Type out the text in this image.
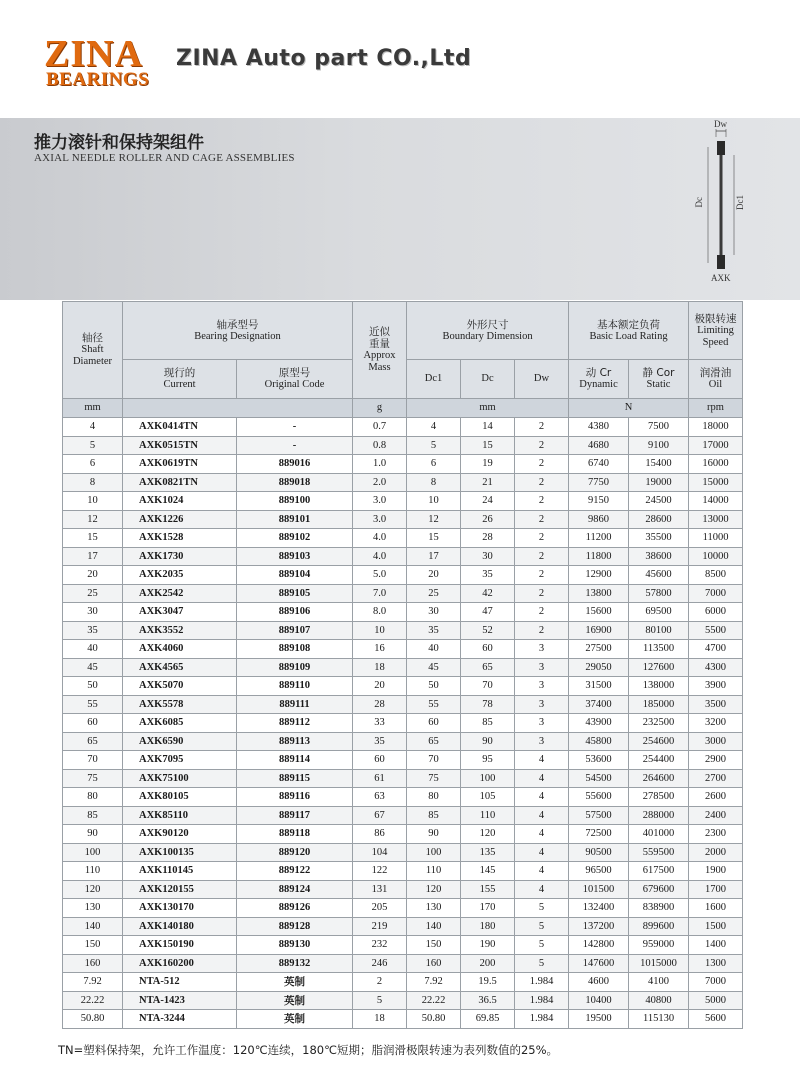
ZINA
BEARINGS
ZINA Auto part CO.,Ltd
推力滚针和保持架组件
AXIAL NEEDLE ROLLER AND CAGE ASSEMBLIES
Dw
Dc	Dc1
AXK
轴径
Shaft
Diameter	轴承型号
Bearing Designation		近似
重量
Approx
Mass	外形尺寸
Boundary Dimension			基本额定负荷
Basic Load Rating		极限转速
Limiting
Speed

	现行的
Current	原型号
Original Code		Dc1	Dc	Dw	动 Cr
Dynamic	静 Cor
Static	润滑油
Oil

mm			g	mm			N		rpm
4	AXK0414TN	-	0.7	4	14	2	4380	7500	18000
5	AXK0515TN	-	0.8	5	15	2	4680	9100	17000
6	AXK0619TN	889016	1.0	6	19	2	6740	15400	16000
8	AXK0821TN	889018	2.0	8	21	2	7750	19000	15000
10	AXK1024	889100	3.0	10	24	2	9150	24500	14000
12	AXK1226	889101	3.0	12	26	2	9860	28600	13000
15	AXK1528	889102	4.0	15	28	2	11200	35500	11000
17	AXK1730	889103	4.0	17	30	2	11800	38600	10000
20	AXK2035	889104	5.0	20	35	2	12900	45600	8500
25	AXK2542	889105	7.0	25	42	2	13800	57800	7000
30	AXK3047	889106	8.0	30	47	2	15600	69500	6000
35	AXK3552	889107	10	35	52	2	16900	80100	5500
40	AXK4060	889108	16	40	60	3	27500	113500	4700
45	AXK4565	889109	18	45	65	3	29050	127600	4300
50	AXK5070	889110	20	50	70	3	31500	138000	3900
55	AXK5578	889111	28	55	78	3	37400	185000	3500
60	AXK6085	889112	33	60	85	3	43900	232500	3200
65	AXK6590	889113	35	65	90	3	45800	254600	3000
70	AXK7095	889114	60	70	95	4	53600	254400	2900
75	AXK75100	889115	61	75	100	4	54500	264600	2700
80	AXK80105	889116	63	80	105	4	55600	278500	2600
85	AXK85110	889117	67	85	110	4	57500	288000	2400
90	AXK90120	889118	86	90	120	4	72500	401000	2300
100	AXK100135	889120	104	100	135	4	90500	559500	2000
110	AXK110145	889122	122	110	145	4	96500	617500	1900
120	AXK120155	889124	131	120	155	4	101500	679600	1700
130	AXK130170	889126	205	130	170	5	132400	838900	1600
140	AXK140180	889128	219	140	180	5	137200	899600	1500
150	AXK150190	889130	232	150	190	5	142800	959000	1400
160	AXK160200	889132	246	160	200	5	147600	1015000	1300
7.92	NTA-512	英制	2	7.92	19.5	1.984	4600	4100	7000
22.22	NTA-1423	英制	5	22.22	36.5	1.984	10400	40800	5000
50.80	NTA-3244	英制	18	50.80	69.85	1.984	19500	115130	5600
TN=塑料保持架，允许工作温度：120℃连续，180℃短期；脂润滑极限转速为表列数值的25%。
